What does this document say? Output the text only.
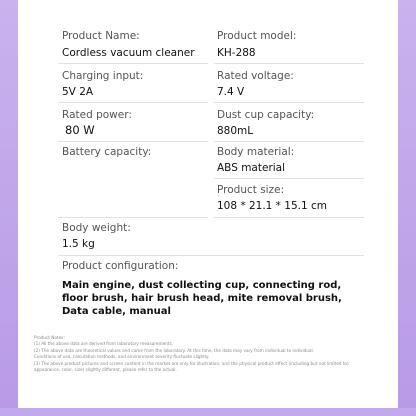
Product Name:
Cordless vacuum cleaner
Product model:
KH-288
Charging input:
5V 2A
Rated voltage:
7.4 V
Rated power:
80 W
Dust cup capacity:
880mL
Battery capacity:	Body material:
ABS material
Product size:
108 * 21.1 * 15.1 cm
Body weight:
1.5 kg
Product configuration:
Main engine, dust collecting cup, connecting rod,
floor brush, hair brush head, mite removal brush,
Data cable, manual
Product Notes:
(1) All the above data are derived from laboratory measurements.
(2) The above data are theoretical values and come from the laboratory. At this time, the data may vary from individual to individual.
Conditions of use, calculation methods, and environment severity fluctuate slightly.
(3) The above product pictures and screen content in the market are only for illustration, and the physical product effect (including but not limited to)
appearance, color, size) slightly different, please refer to the actual.
